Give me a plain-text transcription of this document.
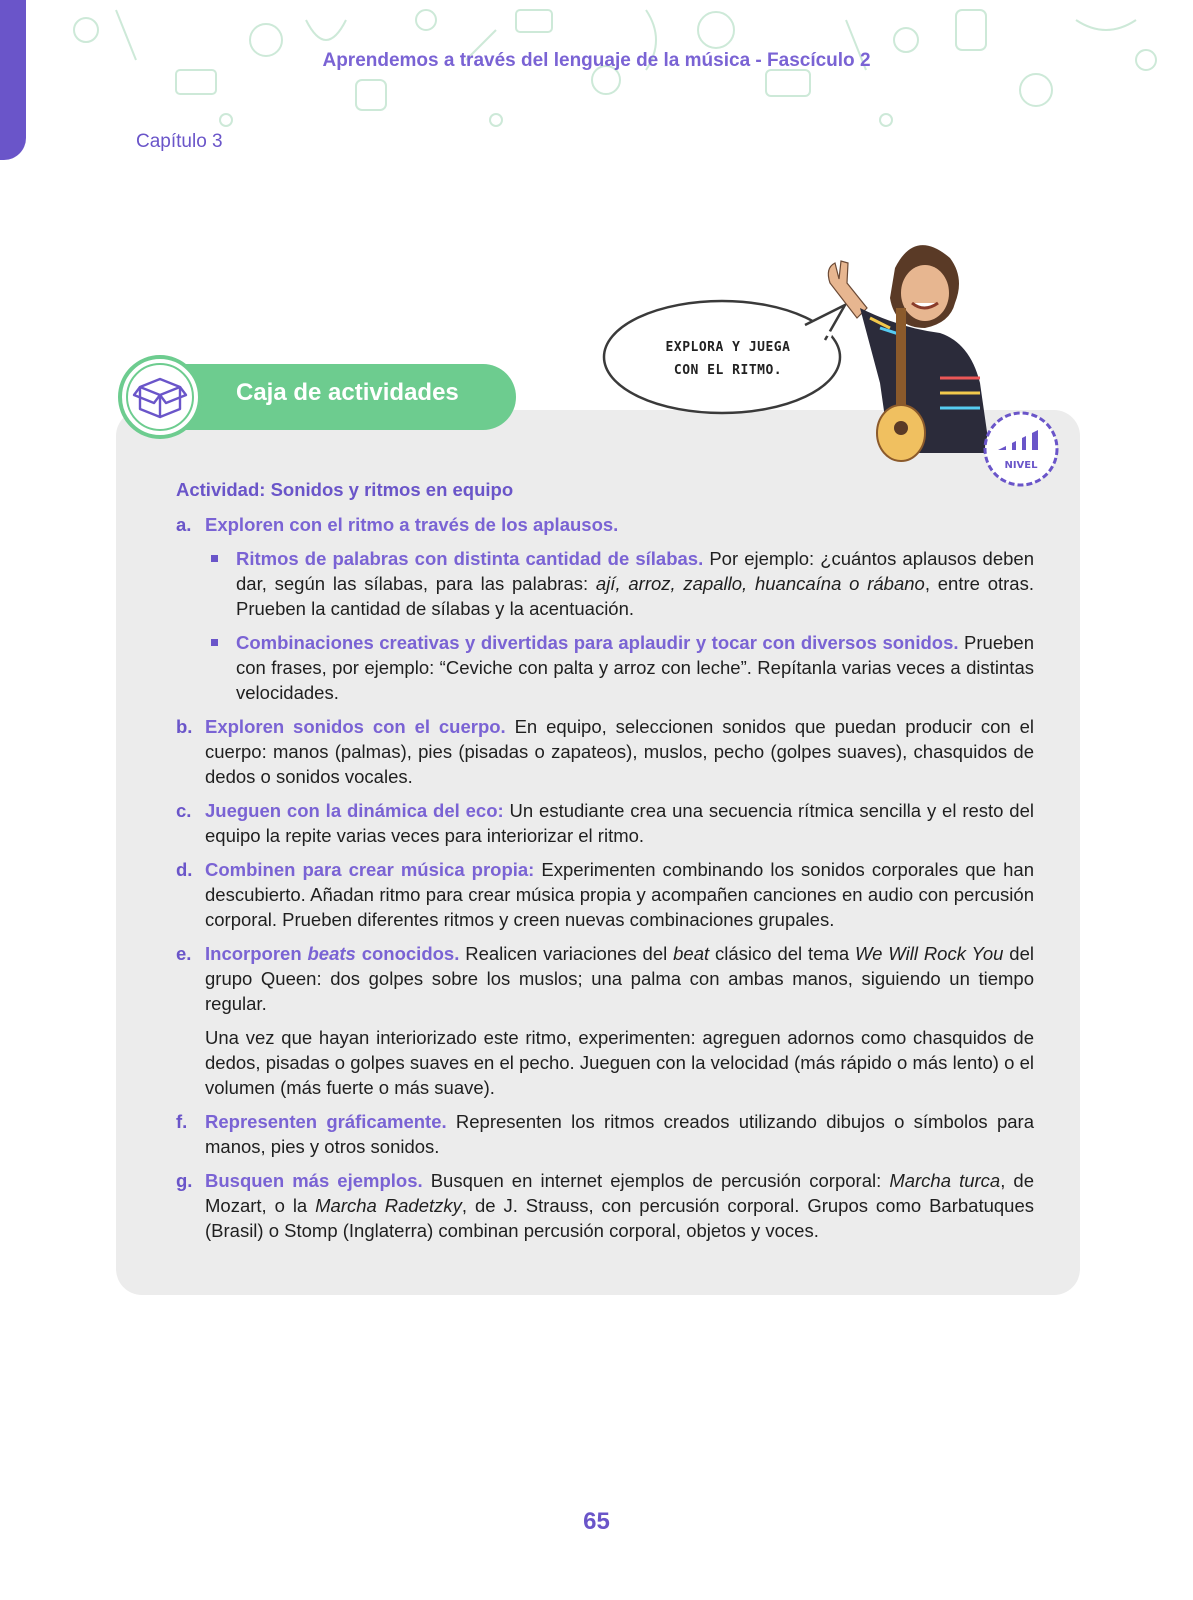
Aprendemos a través del lenguaje de la música - Fascículo 2
Capítulo 3
Caja de actividades
EXPLORA Y JUEGA
CON EL RITMO.
NIVEL
Actividad: Sonidos y ritmos en equipo
a. Exploren con el ritmo a través de los aplausos.
Ritmos de palabras con distinta cantidad de sílabas. Por ejemplo: ¿cuántos aplausos deben dar, según las sílabas, para las palabras: ají, arroz, zapallo, huancaína o rábano, entre otras. Prueben la cantidad de sílabas y la acentuación.
Combinaciones creativas y divertidas para aplaudir y tocar con diversos sonidos. Prueben con frases, por ejemplo: “Ceviche con palta y arroz con leche”. Repítanla varias veces a distintas velocidades.
b. Exploren sonidos con el cuerpo. En equipo, seleccionen sonidos que puedan producir con el cuerpo: manos (palmas), pies (pisadas o zapateos), muslos, pecho (golpes suaves), chasquidos de dedos o sonidos vocales.
c. Jueguen con la dinámica del eco: Un estudiante crea una secuencia rítmica sencilla y el resto del equipo la repite varias veces para interiorizar el ritmo.
d. Combinen para crear música propia: Experimenten combinando los sonidos corporales que han descubierto. Añadan ritmo para crear música propia y acompañen canciones en audio con percusión corporal. Prueben diferentes ritmos y creen nuevas combinaciones grupales.
e. Incorporen beats conocidos. Realicen variaciones del beat clásico del tema We Will Rock You del grupo Queen: dos golpes sobre los muslos; una palma con ambas manos, siguiendo un tiempo regular.
Una vez que hayan interiorizado este ritmo, experimenten: agreguen adornos como chasquidos de dedos, pisadas o golpes suaves en el pecho. Jueguen con la velocidad (más rápido o más lento) o el volumen (más fuerte o más suave).
f. Representen gráficamente. Representen los ritmos creados utilizando dibujos o símbolos para manos, pies y otros sonidos.
g. Busquen más ejemplos. Busquen en internet ejemplos de percusión corporal: Marcha turca, de Mozart, o la Marcha Radetzky, de J. Strauss, con percusión corporal. Grupos como Barbatuques (Brasil) o Stomp (Inglaterra) combinan percusión corporal, objetos y voces.
65
